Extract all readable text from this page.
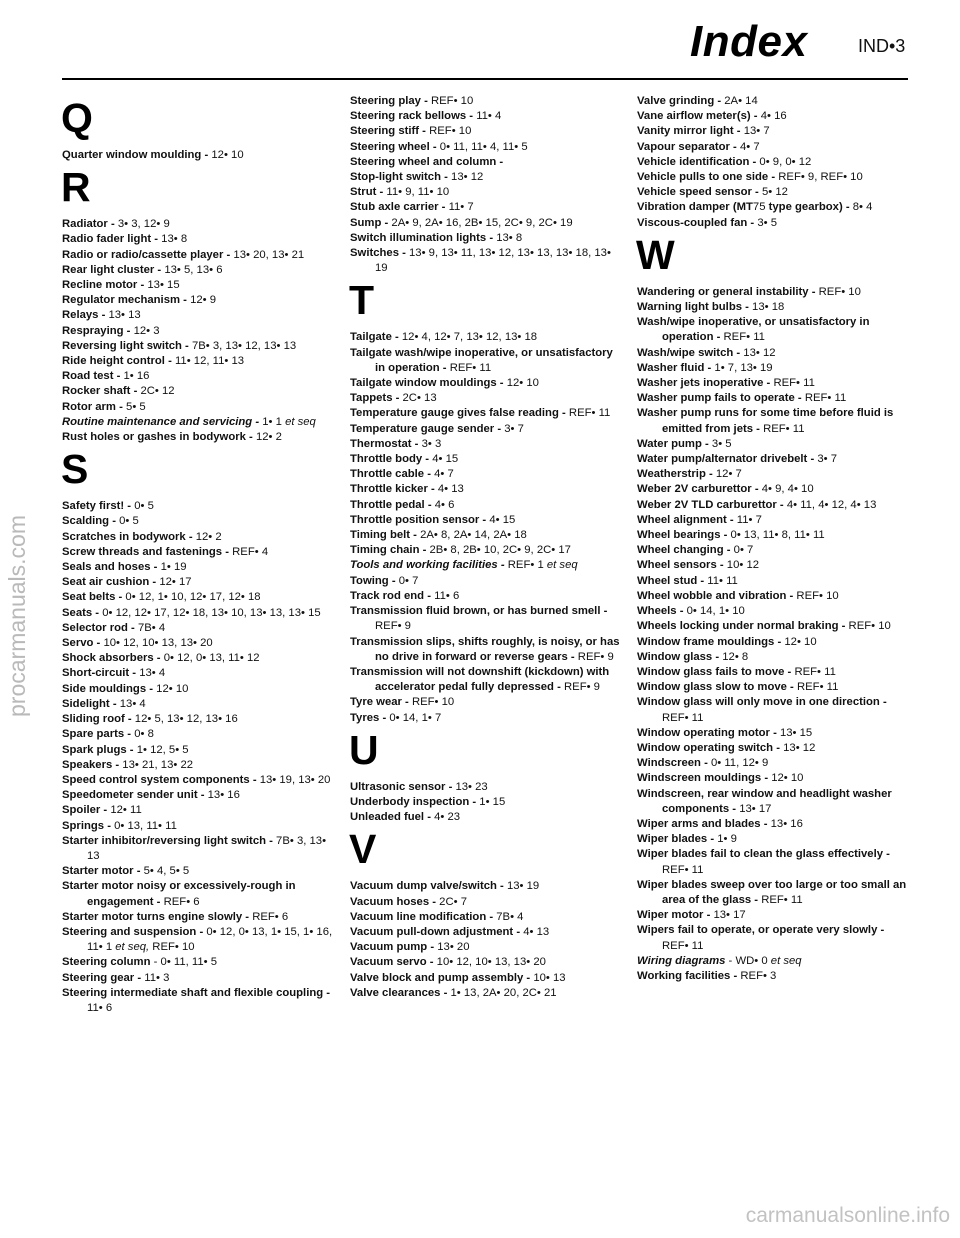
Index	IND•3
procarmanuals.com
Q
Quarter window moulding - 12• 10
R
Radiator - 3• 3, 12• 9
Radio fader light - 13• 8
Radio or radio/cassette player - 13• 20, 13• 21
Rear light cluster - 13• 5, 13• 6
Recline motor - 13• 15
Regulator mechanism - 12• 9
Relays - 13• 13
Respraying - 12• 3
Reversing light switch - 7B• 3, 13• 12, 13• 13
Ride height control - 11• 12, 11• 13
Road test - 1• 16
Rocker shaft - 2C• 12
Rotor arm - 5• 5
Routine maintenance and servicing - 1• 1 et seq
Rust holes or gashes in bodywork - 12• 2
S
Safety first! - 0• 5
Scalding - 0• 5
Scratches in bodywork - 12• 2
Screw threads and fastenings - REF• 4
Seals and hoses - 1• 19
Seat air cushion - 12• 17
Seat belts - 0• 12, 1• 10, 12• 17, 12• 18
Seats - 0• 12, 12• 17, 12• 18, 13• 10, 13• 13, 13• 15
Selector rod - 7B• 4
Servo - 10• 12, 10• 13, 13• 20
Shock absorbers - 0• 12, 0• 13, 11• 12
Short-circuit - 13• 4
Side mouldings - 12• 10
Sidelight - 13• 4
Sliding roof - 12• 5, 13• 12, 13• 16
Spare parts - 0• 8
Spark plugs - 1• 12, 5• 5
Speakers - 13• 21, 13• 22
Speed control system components - 13• 19, 13• 20
Speedometer sender unit - 13• 16
Spoiler - 12• 11
Springs - 0• 13, 11• 11
Starter inhibitor/reversing light switch - 7B• 3, 13• 13
Starter motor - 5• 4, 5• 5
Starter motor noisy or excessively-rough in engagement - REF• 6
Starter motor turns engine slowly - REF• 6
Steering and suspension - 0• 12, 0• 13, 1• 15, 1• 16, 11• 1 et seq, REF• 10
Steering column - 0• 11, 11• 5
Steering gear - 11• 3
Steering intermediate shaft and flexible coupling - 11• 6
Steering play - REF• 10
Steering rack bellows - 11• 4
Steering stiff - REF• 10
Steering wheel - 0• 11, 11• 4, 11• 5
Steering wheel and column -
Stop-light switch - 13• 12
Strut - 11• 9, 11• 10
Stub axle carrier - 11• 7
Sump - 2A• 9, 2A• 16, 2B• 15, 2C• 9, 2C• 19
Switch illumination lights - 13• 8
Switches - 13• 9, 13• 11, 13• 12, 13• 13, 13• 18, 13• 19
T
Tailgate - 12• 4, 12• 7, 13• 12, 13• 18
Tailgate wash/wipe inoperative, or unsatisfactory in operation - REF• 11
Tailgate window mouldings - 12• 10
Tappets - 2C• 13
Temperature gauge gives false reading - REF• 11
Temperature gauge sender - 3• 7
Thermostat - 3• 3
Throttle body - 4• 15
Throttle cable - 4• 7
Throttle kicker - 4• 13
Throttle pedal - 4• 6
Throttle position sensor - 4• 15
Timing belt - 2A• 8, 2A• 14, 2A• 18
Timing chain - 2B• 8, 2B• 10, 2C• 9, 2C• 17
Tools and working facilities - REF• 1 et seq
Towing - 0• 7
Track rod end - 11• 6
Transmission fluid brown, or has burned smell - REF• 9
Transmission slips, shifts roughly, is noisy, or has no drive in forward or reverse gears - REF• 9
Transmission will not downshift (kickdown) with accelerator pedal fully depressed - REF• 9
Tyre wear - REF• 10
Tyres - 0• 14, 1• 7
U
Ultrasonic sensor - 13• 23
Underbody inspection - 1• 15
Unleaded fuel - 4• 23
V
Vacuum dump valve/switch - 13• 19
Vacuum hoses - 2C• 7
Vacuum line modification - 7B• 4
Vacuum pull-down adjustment - 4• 13
Vacuum pump - 13• 20
Vacuum servo - 10• 12, 10• 13, 13• 20
Valve block and pump assembly - 10• 13
Valve clearances - 1• 13, 2A• 20, 2C• 21
Valve grinding - 2A• 14
Vane airflow meter(s) - 4• 16
Vanity mirror light - 13• 7
Vapour separator - 4• 7
Vehicle identification - 0• 9, 0• 12
Vehicle pulls to one side - REF• 9, REF• 10
Vehicle speed sensor - 5• 12
Vibration damper (MT75 type gearbox) - 8• 4
Viscous-coupled fan - 3• 5
W
Wandering or general instability - REF• 10
Warning light bulbs - 13• 18
Wash/wipe inoperative, or unsatisfactory in operation - REF• 11
Wash/wipe switch - 13• 12
Washer fluid - 1• 7, 13• 19
Washer jets inoperative - REF• 11
Washer pump fails to operate - REF• 11
Washer pump runs for some time before fluid is emitted from jets - REF• 11
Water pump - 3• 5
Water pump/alternator drivebelt - 3• 7
Weatherstrip - 12• 7
Weber 2V carburettor - 4• 9, 4• 10
Weber 2V TLD carburettor - 4• 11, 4• 12, 4• 13
Wheel alignment - 11• 7
Wheel bearings - 0• 13, 11• 8, 11• 11
Wheel changing - 0• 7
Wheel sensors - 10• 12
Wheel stud - 11• 11
Wheel wobble and vibration - REF• 10
Wheels - 0• 14, 1• 10
Wheels locking under normal braking - REF• 10
Window frame mouldings - 12• 10
Window glass - 12• 8
Window glass fails to move - REF• 11
Window glass slow to move - REF• 11
Window glass will only move in one direction - REF• 11
Window operating motor - 13• 15
Window operating switch - 13• 12
Windscreen - 0• 11, 12• 9
Windscreen mouldings - 12• 10
Windscreen, rear window and headlight washer components - 13• 17
Wiper arms and blades - 13• 16
Wiper blades - 1• 9
Wiper blades fail to clean the glass effectively - REF• 11
Wiper blades sweep over too large or too small an area of the glass - REF• 11
Wiper motor - 13• 17
Wipers fail to operate, or operate very slowly - REF• 11
Wiring diagrams - WD• 0 et seq
Working facilities - REF• 3
carmanualsonline.info
